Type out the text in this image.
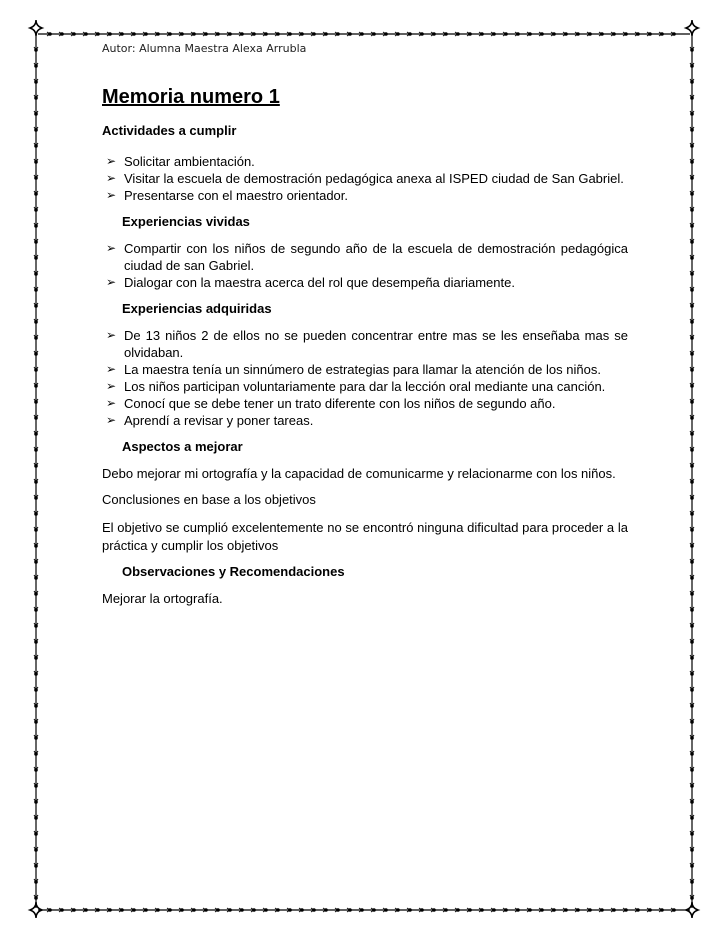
Autor: Alumna Maestra Alexa Arrubla
Memoria numero 1

Actividades a cumplir

➢ Solicitar ambientación.
➢ Visitar la escuela de demostración pedagógica anexa al ISPED ciudad de San Gabriel.
➢ Presentarse con el maestro orientador.

Experiencias vividas

➢ Compartir con los niños de segundo año de la escuela de demostración pedagógica ciudad de san Gabriel.
➢ Dialogar con la maestra acerca del rol que desempeña diariamente.

Experiencias adquiridas

➢ De 13 niños 2 de ellos no se pueden concentrar entre mas se les enseñaba mas se olvidaban.
➢ La maestra tenía un sinnúmero de estrategias para llamar la atención de los niños.
➢ Los niños participan voluntariamente para dar la lección oral mediante una canción.
➢ Conocí que se debe tener un trato diferente con los niños de segundo año.
➢ Aprendí a revisar y poner tareas.

Aspectos a mejorar

Debo mejorar mi ortografía y la capacidad de comunicarme y relacionarme con los niños.

Conclusiones en base a los objetivos

El objetivo se cumplió excelentemente no se encontró ninguna dificultad para proceder a la práctica y cumplir los objetivos

Observaciones y Recomendaciones

Mejorar la ortografía.
